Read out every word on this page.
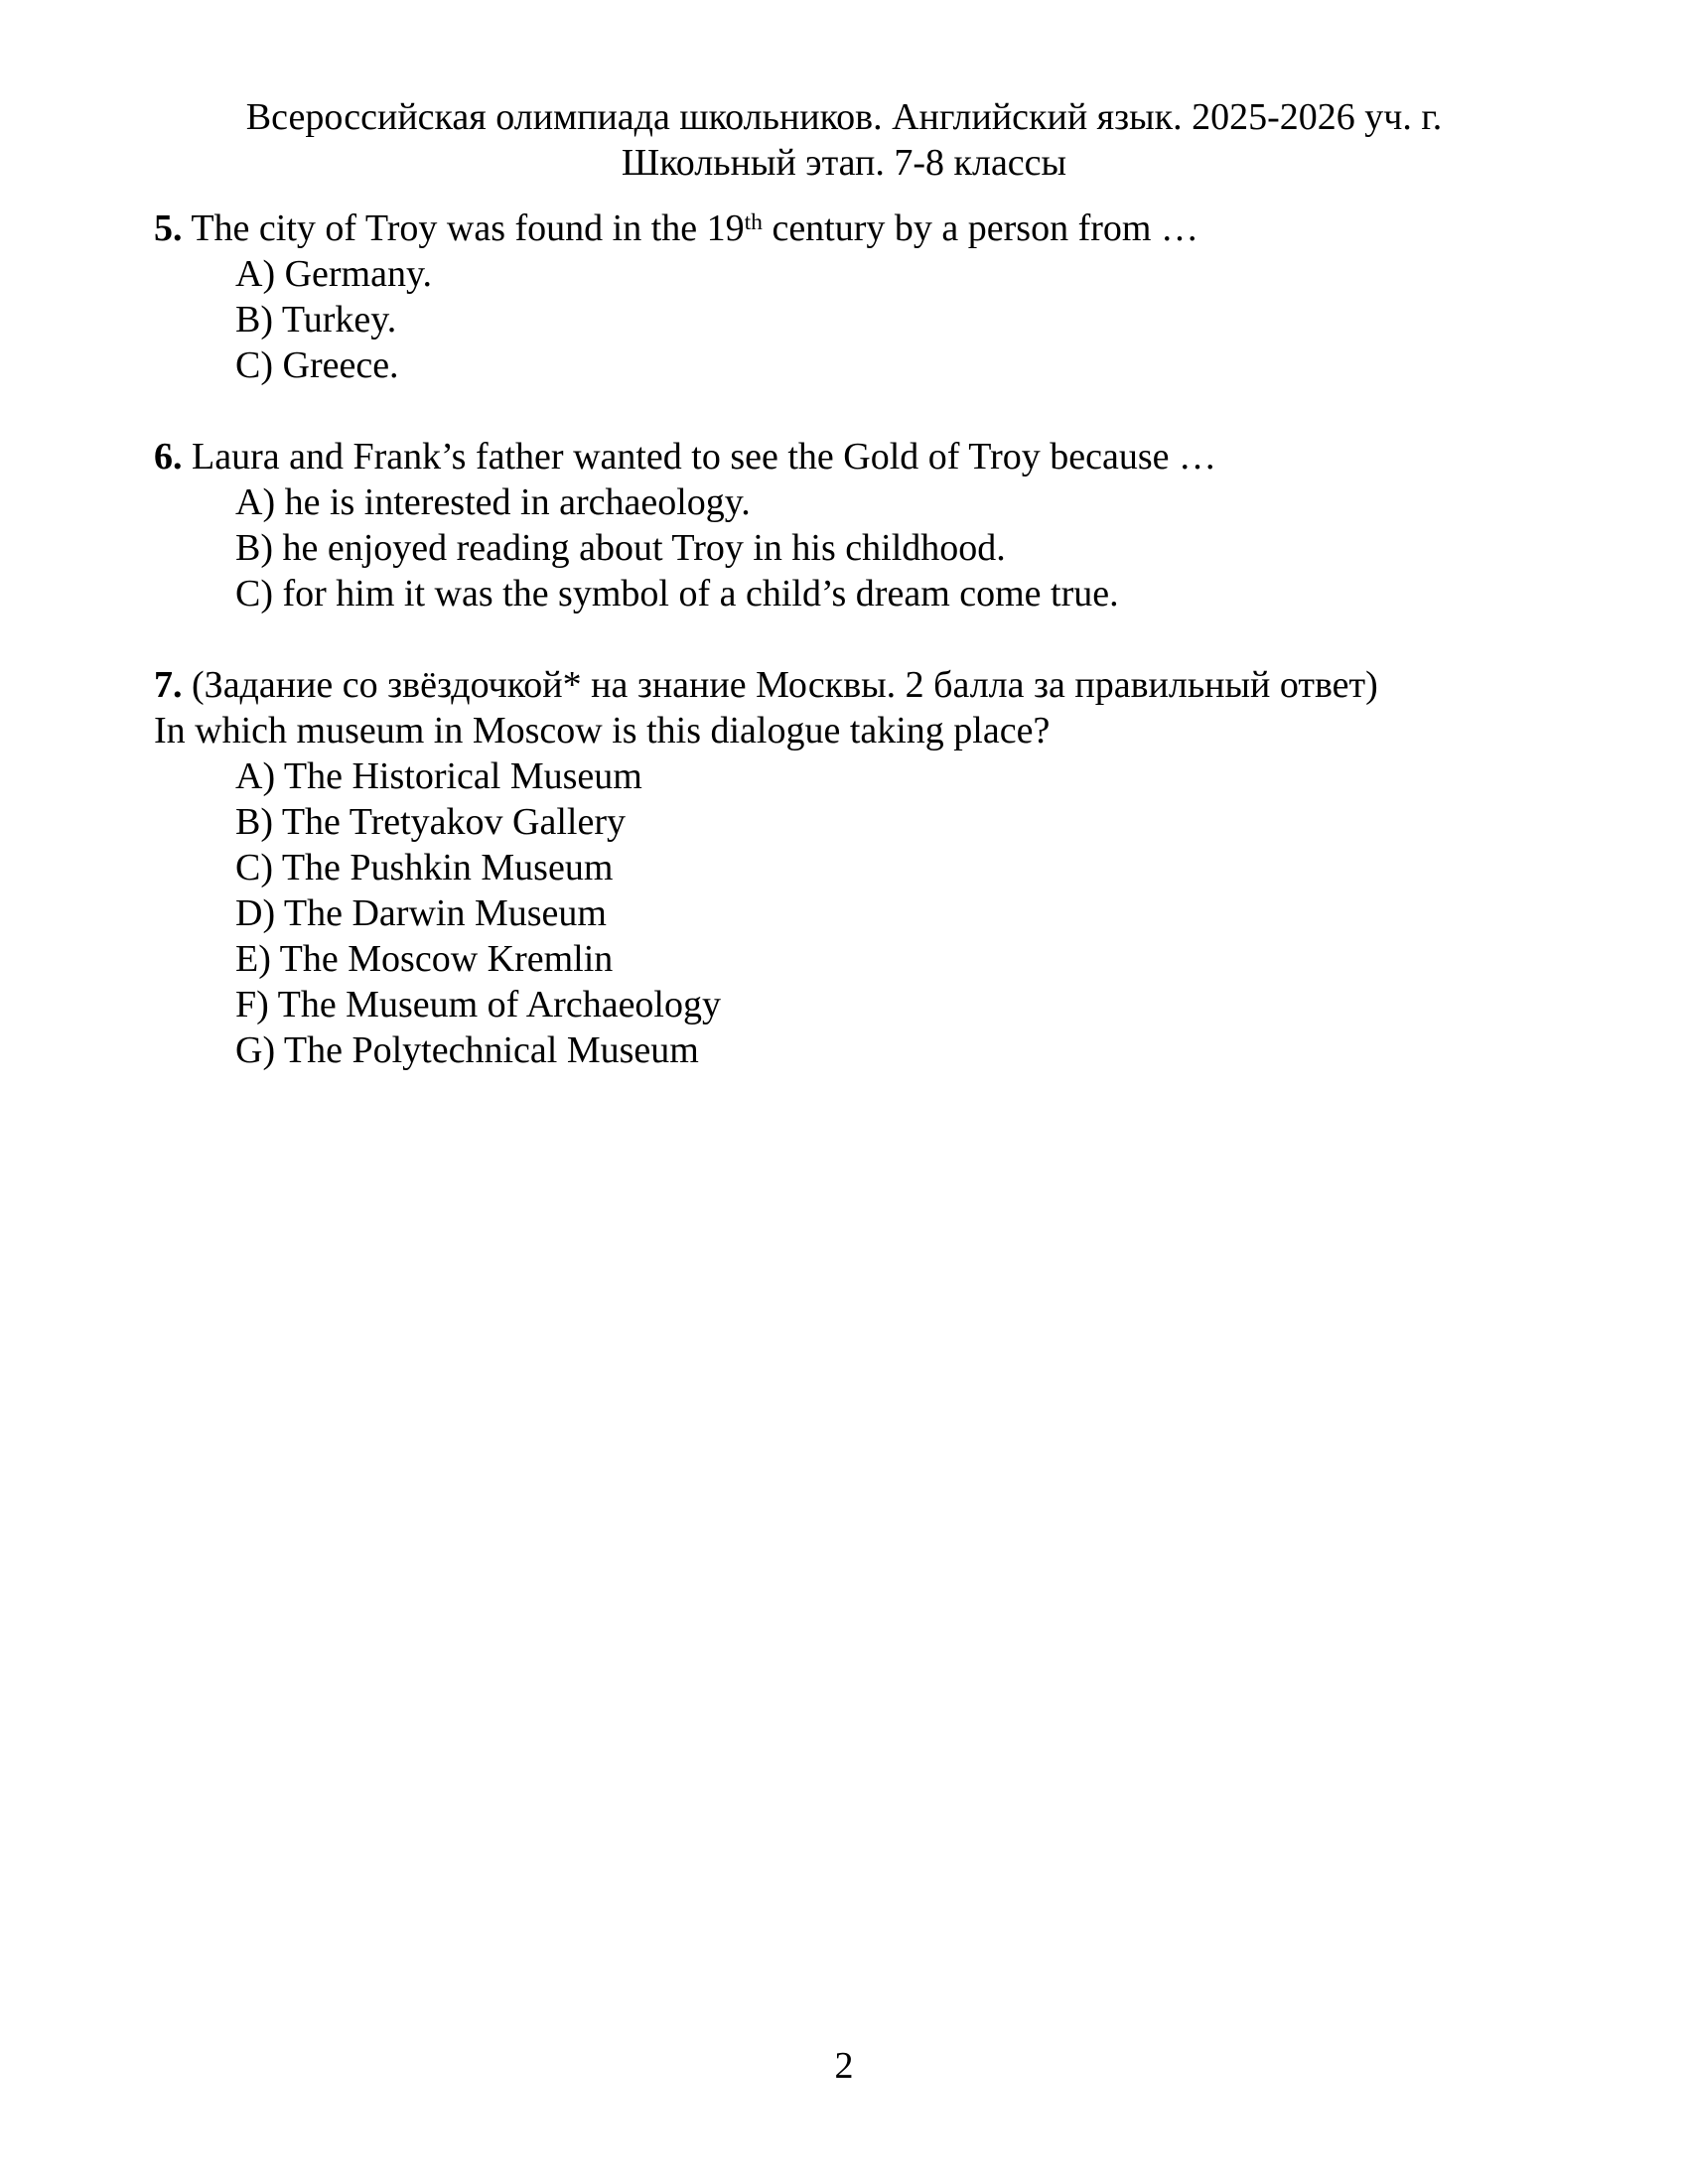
Всероссийская олимпиада школьников. Английский язык. 2025-2026 уч. г.
Школьный этап. 7-8 классы

5. The city of Troy was found in the 19th century by a person from …

A) Germany.
B) Turkey.
C) Greece.

6. Laura and Frank’s father wanted to see the Gold of Troy because …

A) he is interested in archaeology.
B) he enjoyed reading about Troy in his childhood.
C) for him it was the symbol of a child’s dream come true.

7. (Задание со звёздочкой* на знание Москвы. 2 балла за правильный ответ)

In which museum in Moscow is this dialogue taking place?

A) The Historical Museum
B) The Tretyakov Gallery
C) The Pushkin Museum
D) The Darwin Museum
E) The Moscow Kremlin
F) The Museum of Archaeology
G) The Polytechnical Museum
2
